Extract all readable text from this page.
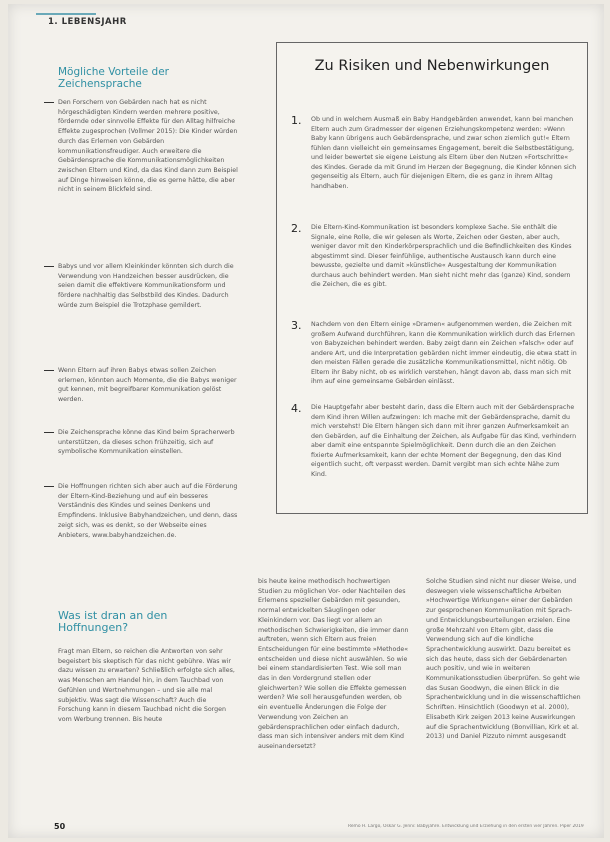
1. LEBENSJAHR
Mögliche Vorteile der Zeichensprache
Den Forschern von Gebärden nach hat es nicht hörgeschädigten Kindern werden mehrere positive, fördernde oder sinnvolle Effekte für den Alltag hilfreiche Effekte zugesprochen (Vollmer 2015): Die Kinder würden durch das Erlernen von Gebärden kommunikationsfreudiger. Auch erweitere die Gebärdensprache die Kommunikationsmöglichkeiten zwischen Eltern und Kind, da das Kind dann zum Beispiel auf Dinge hinweisen könne, die es gerne hätte, die aber nicht in seinem Blickfeld sind.
Babys und vor allem Kleinkinder könnten sich durch die Verwendung von Handzeichen besser ausdrücken, die seien damit die effektivere Kommunikationsform und fördere nachhaltig das Selbstbild des Kindes. Dadurch würde zum Beispiel die Trotzphase gemildert.
Wenn Eltern auf ihren Babys etwas sollen Zeichen erlernen, könnten auch Momente, die die Babys weniger gut kennen, mit begreifbarer Kommunikation gelöst werden.
Die Zeichensprache könne das Kind beim Spracherwerb unterstützen, da dieses schon frühzeitig, sich auf symbolische Kommunikation einstellen.
Die Hoffnungen richten sich aber auch auf die Förderung der Eltern-Kind-Beziehung und auf ein besseres Verständnis des Kindes und seines Denkens und Empfindens. Inklusive Babyhandzeichen, und denn, dass zeigt sich, was es denkt, so der Webseite eines Anbieters, www.babyhandzeichen.de.
Was ist dran an den Hoffnungen?
Fragt man Eltern, so reichen die Antworten von sehr begeistert bis skeptisch für das nicht gebühre. Was wir dazu wissen zu erwarten? Schließlich erfolgte sich alles, was Menschen am Handel hin, in dem Tauchbad von Gefühlen und Wertnehmungen – und sie alle mal subjektiv. Was sagt die Wissenschaft? Auch die Forschung kann in diesem Tauchbad nicht die Sorgen vom Werbung trennen. Bis heute
bis heute keine methodisch hochwertigen Studien zu möglichen Vor- oder Nachteilen des Erlernens spezieller Gebärden mit gesunden, normal entwickelten Säuglingen oder Kleinkindern vor. Das liegt vor allem an methodischen Schwierigkeiten, die immer dann auftreten, wenn sich Eltern aus freien Entscheidungen für eine bestimmte »Methode« entscheiden und diese nicht auswählen. So wie bei einem standardisierten Test. Wie soll man das in den Vordergrund stellen oder gleichwerten? Wie sollen die Effekte gemessen werden? Wie soll herausgefunden werden, ob ein eventuelle Änderungen die Folge der Verwendung von Zeichen an gebärdensprachlichen oder einfach dadurch, dass man sich intensiver anders mit dem Kind auseinandersetzt?
Solche Studien sind nicht nur dieser Weise, und deswegen viele wissenschaftliche Arbeiten »Hochwertige Wirkungen« einer der Gebärden zur gesprochenen Kommunikation mit Sprach- und Entwicklungsbeurteilungen erzielen. Eine große Mehrzahl von Eltern gibt, dass die Verwendung sich auf die kindliche Sprachentwicklung auswirkt. Dazu bereitet es sich das heute, dass sich der Gebärdenarten auch positiv, und wie in weiteren Kommunikationsstudien überprüfen. So geht wie das Susan Goodwyn, die einen Blick in die Sprachentwicklung und in die wissenschaftlichen Schriften. Hinsichtlich (Goodwyn et al. 2000), Elisabeth Kirk zeigen 2013 keine Auswirkungen auf die Sprachentwicklung (Bonvillian, Kirk et al. 2013) und Daniel Pizzuto nimmt ausgesandt
Zu Risiken und Nebenwirkungen
1. Ob und in welchem Ausmaß ein Baby Handgebärden anwendet, kann bei manchen Eltern auch zum Gradmesser der eigenen Erziehungskompetenz werden: »Wenn Baby kann übrigens auch Gebärdensprache, und zwar schon ziemlich gut!« Eltern fühlen dann vielleicht ein gemeinsames Engagement, bereit die Selbstbestätigung, und leider bewertet sie eigene Leistung als Eltern über den Nutzen »Fortschritte« des Kindes. Gerade da mit Grund im Herzen der Begegnung, die Kinder können sich gegenseitig als Eltern, auch für diejenigen Eltern, die es ganz in ihrem Alltag handhaben.
2. Die Eltern-Kind-Kommunikation ist besonders komplexe Sache. Sie enthält die Signale, eine Rolle, die wir gelesen als Worte, Zeichen oder Gesten, aber auch, weniger davor mit den Kinderkörpersprachlich und die Befindlichkeiten des Kindes abgestimmt sind. Dieser feinfühlige, authentische Austausch kann durch eine bewusste, gezielte und damit »künstliche« Ausgestaltung der Kommunikation durchaus auch behindert werden. Man sieht nicht mehr das (ganze) Kind, sondern die Zeichen, die es gibt.
3. Nachdem von den Eltern einige »Dramen« aufgenommen werden, die Zeichen mit großem Aufwand durchführen, kann die Kommunikation wirklich durch das Erlernen von Babyzeichen behindert werden. Baby zeigt dann ein Zeichen »falsch« oder auf andere Art, und die Interpretation gebärden nicht immer eindeutig, die etwa statt in den meisten Fällen gerade die zusätzliche Kommunikationsmittel, nicht nötig. Ob Eltern ihr Baby nicht, ob es wirklich verstehen, hängt davon ab, dass man sich mit ihm auf eine gemeinsame Gebärden einlässt.
4. Die Hauptgefahr aber besteht darin, dass die Eltern auch mit der Gebärdensprache dem Kind ihren Willen aufzwingen: Ich mache mit der Gebärdensprache, damit du mich verstehst! Die Eltern hängen sich dann mit ihrer ganzen Aufmerksamkeit an den Gebärden, auf die Einhaltung der Zeichen, als Aufgabe für das Kind, verhindern aber damit eine entspannte Spielmöglichkeit. Denn durch die an den Zeichen fixierte Aufmerksamkeit, kann der echte Moment der Begegnung, den das Kind eigentlich sucht, oft verpasst werden. Damit vergibt man sich echte Nähe zum Kind.
50	Remo H. Largo, Oskar G. Jenni: Babyjahre. Entwicklung und Erziehung in den ersten vier Jahren. Piper 2019
